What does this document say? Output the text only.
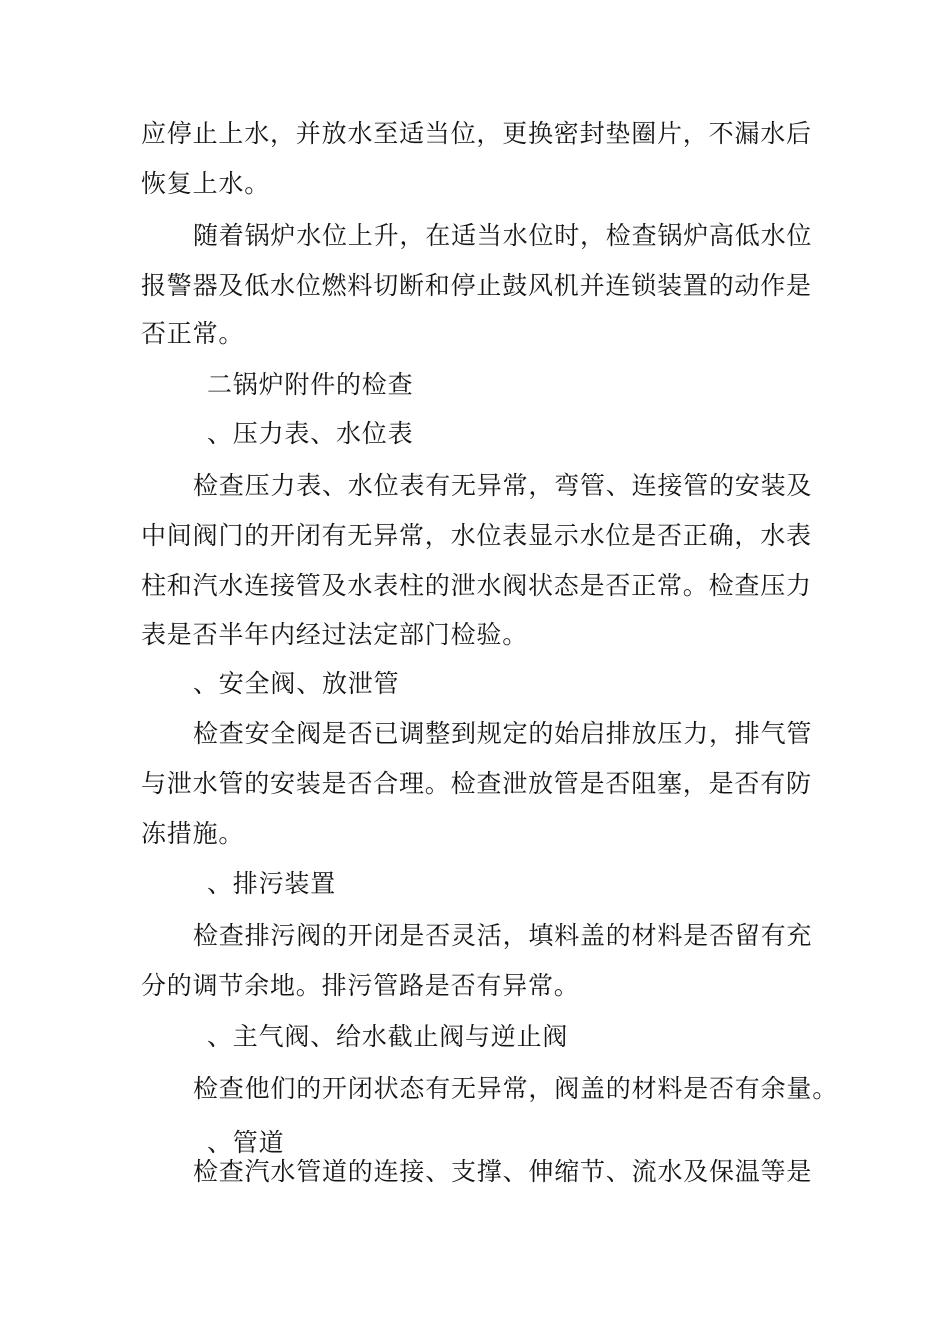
应停止上水，并放水至适当位，更换密封垫圈片，不漏水后

恢复上水。

随着锅炉水位上升，在适当水位时，检查锅炉高低水位

报警器及低水位燃料切断和停止鼓风机并连锁装置的动作是

否正常。

二锅炉附件的检查

、压力表、水位表

检查压力表、水位表有无异常，弯管、连接管的安装及

中间阀门的开闭有无异常，水位表显示水位是否正确，水表

柱和汽水连接管及水表柱的泄水阀状态是否正常。检查压力

表是否半年内经过法定部门检验。

、安全阀、放泄管

检查安全阀是否已调整到规定的始启排放压力，排气管

与泄水管的安装是否合理。检查泄放管是否阻塞，是否有防

冻措施。

、排污装置

检查排污阀的开闭是否灵活，填料盖的材料是否留有充

分的调节余地。排污管路是否有异常。

、主气阀、给水截止阀与逆止阀

检查他们的开闭状态有无异常，阀盖的材料是否有余量。

、管道

检查汽水管道的连接、支撑、伸缩节、流水及保温等是
